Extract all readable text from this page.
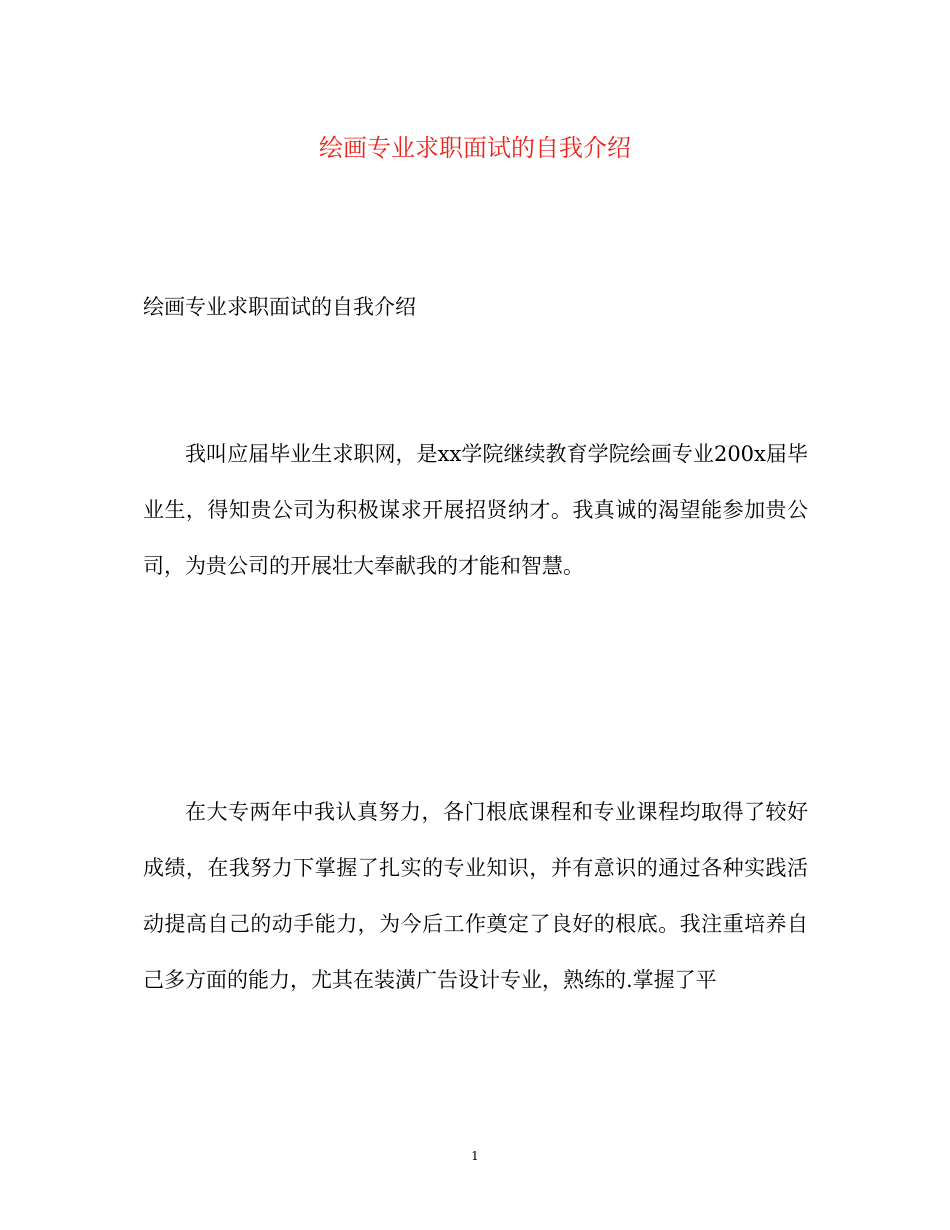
绘画专业求职面试的自我介绍
绘画专业求职面试的自我介绍

我叫应届毕业生求职网，是xx学院继续教育学院绘画专业200x届毕业生，得知贵公司为积极谋求开展招贤纳才。我真诚的渴望能参加贵公司，为贵公司的开展壮大奉献我的才能和智慧。

在大专两年中我认真努力，各门根底课程和专业课程均取得了较好成绩，在我努力下掌握了扎实的专业知识，并有意识的通过各种实践活动提高自己的动手能力，为今后工作奠定了良好的根底。我注重培养自己多方面的能力，尤其在装潢广告设计专业，熟练的.掌握了平

1
